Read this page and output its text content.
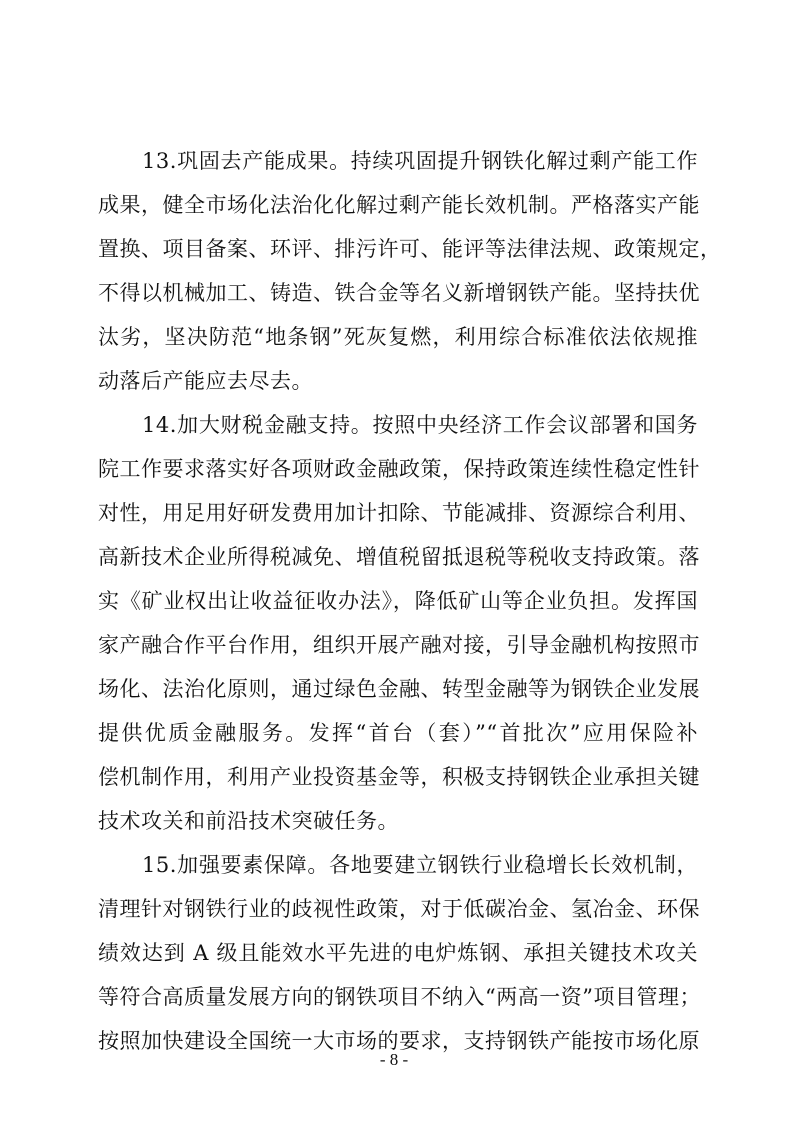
13.巩固去产能成果。持续巩固提升钢铁化解过剩产能工作
成果，健全市场化法治化化解过剩产能长效机制。严格落实产能
置换、项目备案、环评、排污许可、能评等法律法规、政策规定，
不得以机械加工、铸造、铁合金等名义新增钢铁产能。坚持扶优
汰劣，坚决防范“地条钢”死灰复燃，利用综合标准依法依规推
动落后产能应去尽去。
14.加大财税金融支持。按照中央经济工作会议部署和国务
院工作要求落实好各项财政金融政策，保持政策连续性稳定性针
对性，用足用好研发费用加计扣除、节能减排、资源综合利用、
高新技术企业所得税减免、增值税留抵退税等税收支持政策。落
实《矿业权出让收益征收办法》，降低矿山等企业负担。发挥国
家产融合作平台作用，组织开展产融对接，引导金融机构按照市
场化、法治化原则，通过绿色金融、转型金融等为钢铁企业发展
提供优质金融服务。发挥“首台（套）”“首批次”应用保险补
偿机制作用，利用产业投资基金等，积极支持钢铁企业承担关键
技术攻关和前沿技术突破任务。
15.加强要素保障。各地要建立钢铁行业稳增长长效机制，
清理针对钢铁行业的歧视性政策，对于低碳冶金、氢冶金、环保
绩效达到 A 级且能效水平先进的电炉炼钢、承担关键技术攻关
等符合高质量发展方向的钢铁项目不纳入“两高一资”项目管理；
按照加快建设全国统一大市场的要求，支持钢铁产能按市场化原
- 8 -
